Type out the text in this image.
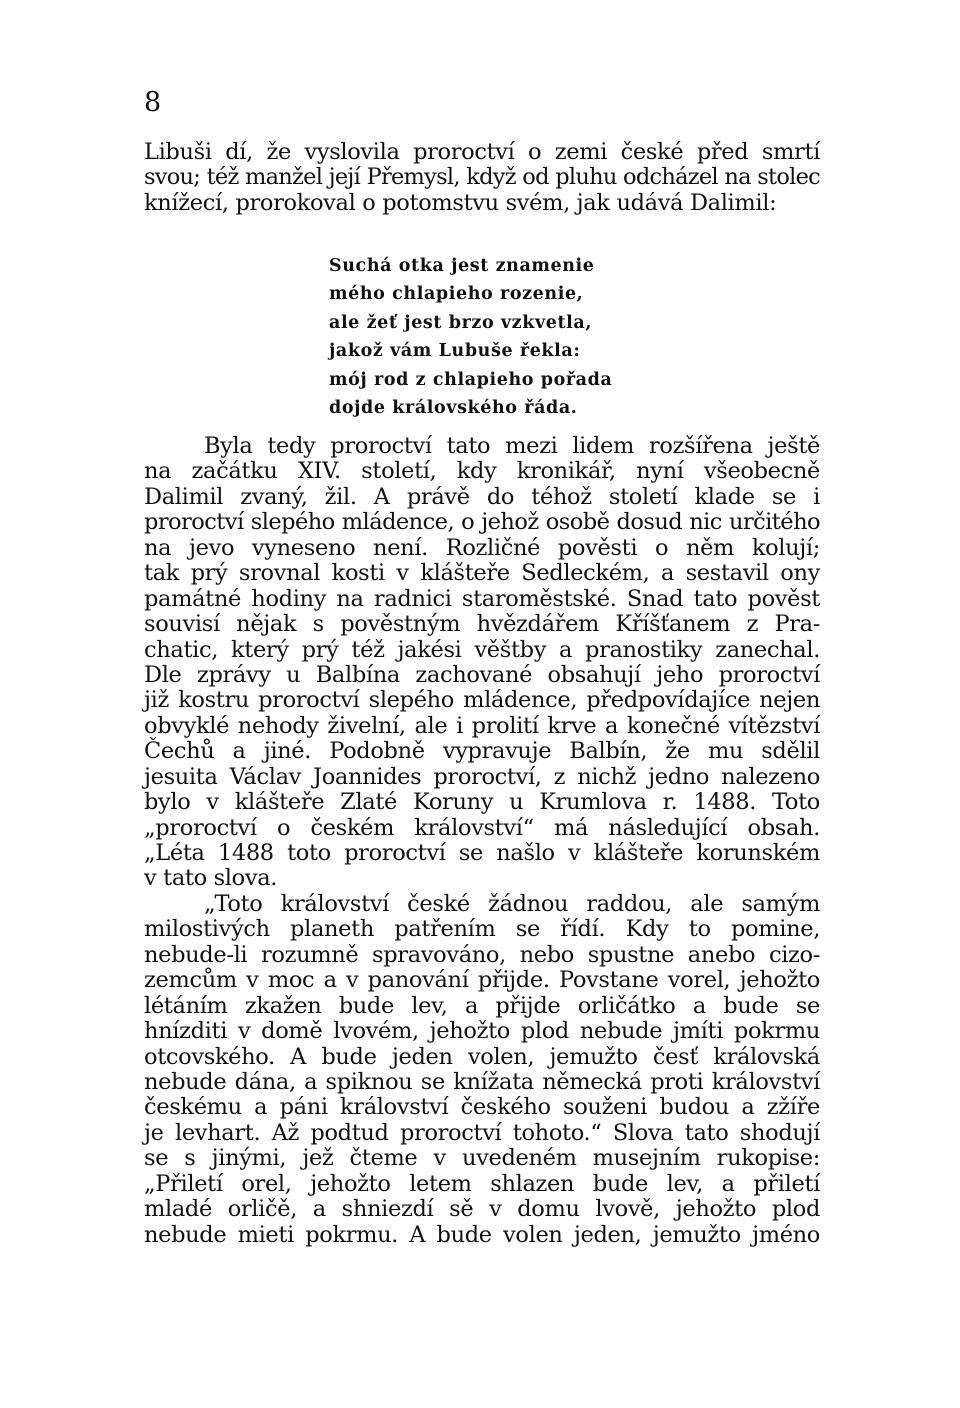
8
Libuši dí, že vyslovila proroctví o zemi české před smrtí
svou; též manžel její Přemysl, když od pluhu odcházel na stolec
knížecí, prorokoval o potomstvu svém, jak udává Dalimil:
Suchá otka jest znamenie
mého chlapieho rozenie,
ale žeť jest brzo vzkvetla,
jakož vám Lubuše řekla:
mój rod z chlapieho pořada
dojde královského řáda.
Byla tedy proroctví tato mezi lidem rozšířena ještě
na začátku XIV. století, kdy kronikář, nyní všeobecně
Dalimil zvaný, žil. A právě do téhož století klade se i
proroctví slepého mládence, o jehož osobě dosud nic určitého
na jevo vyneseno není. Rozličné pověsti o něm kolují;
tak prý srovnal kosti v klášteře Sedleckém, a sestavil ony
památné hodiny na radnici staroměstské. Snad tato pověst
souvisí nějak s pověstným hvězdářem Kříšťanem z Pra-
chatic, který prý též jakési věštby a pranostiky zanechal.
Dle zprávy u Balbína zachované obsahují jeho proroctví
již kostru proroctví slepého mládence, předpovídajíce nejen
obvyklé nehody živelní, ale i prolití krve a konečné vítězství
Čechů a jiné. Podobně vypravuje Balbín, že mu sdělil
jesuita Václav Joannides proroctví, z nichž jedno nalezeno
bylo v klášteře Zlaté Koruny u Krumlova r. 1488. Toto
„proroctví o českém království“ má následující obsah.
„Léta 1488 toto proroctví se našlo v klášteře korunském
v tato slova.
„Toto království české žádnou raddou, ale samým
milostivých planeth patřením se řídí. Kdy to pomine,
nebude-li rozumně spravováno, nebo spustne anebo cizo-
zemcům v moc a v panování přijde. Povstane vorel, jehožto
létáním zkažen bude lev, a přijde orličátko a bude se
hnízditi v domě lvovém, jehožto plod nebude jmíti pokrmu
otcovského. A bude jeden volen, jemužto česť královská
nebude dána, a spiknou se knížata německá proti království
českému a páni království českého souženi budou a zžíře
je levhart. Až podtud proroctví tohoto.“ Slova tato shodují
se s jinými, jež čteme v uvedeném musejním rukopise:
„Přiletí orel, jehožto letem shlazen bude lev, a přiletí
mladé orličě, a shniezdí sě v domu lvově, jehožto plod
nebude mieti pokrmu. A bude volen jeden, jemužto jméno
